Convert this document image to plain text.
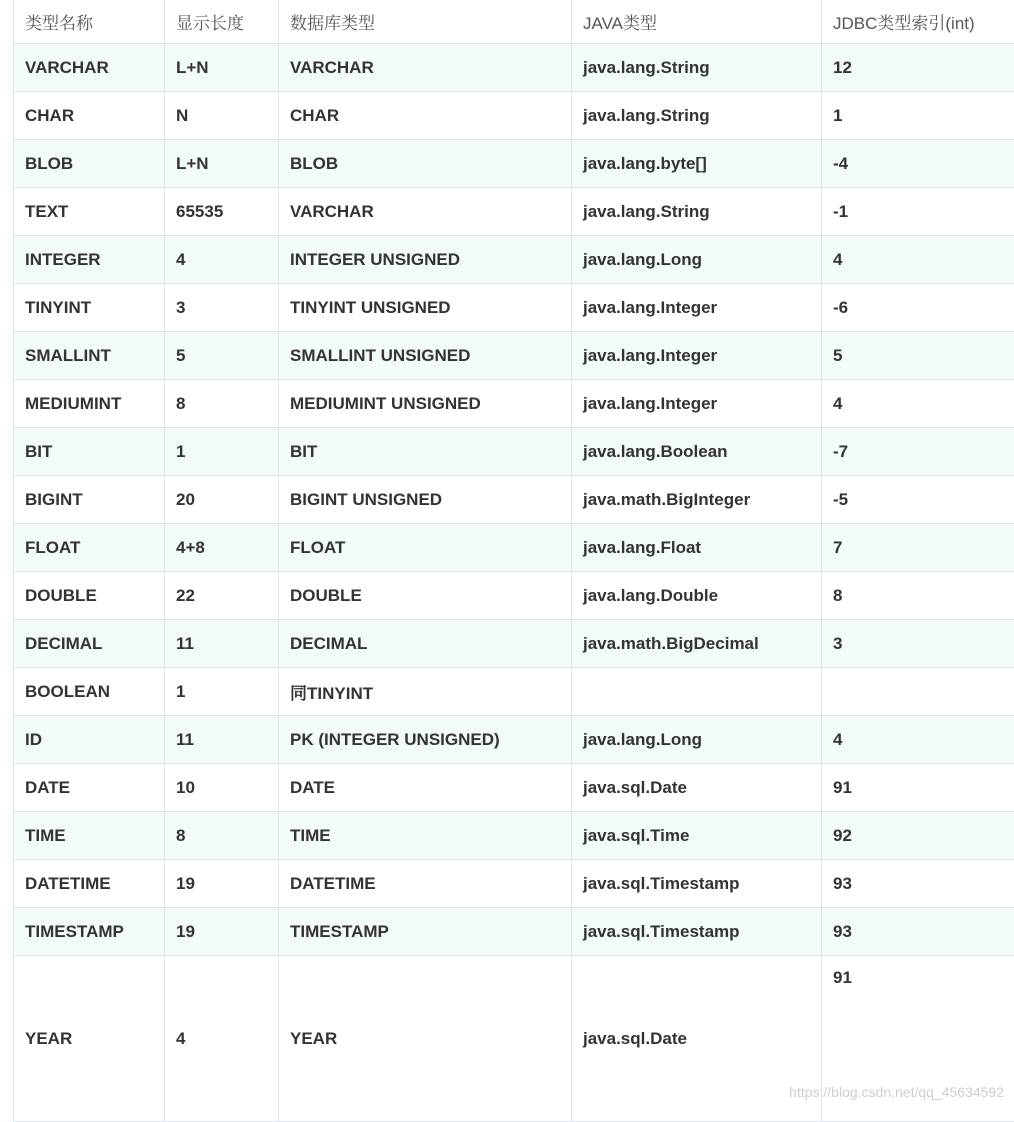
类型名称	显示长度	数据库类型	JAVA类型	JDBC类型索引(int)
VARCHAR	L+N	VARCHAR	java.lang.String	12
CHAR	N	CHAR	java.lang.String	1
BLOB	L+N	BLOB	java.lang.byte[]	-4
TEXT	65535	VARCHAR	java.lang.String	-1
INTEGER	4	INTEGER UNSIGNED	java.lang.Long	4
TINYINT	3	TINYINT UNSIGNED	java.lang.Integer	-6
SMALLINT	5	SMALLINT UNSIGNED	java.lang.Integer	5
MEDIUMINT	8	MEDIUMINT UNSIGNED	java.lang.Integer	4
BIT	1	BIT	java.lang.Boolean	-7
BIGINT	20	BIGINT UNSIGNED	java.math.BigInteger	-5
FLOAT	4+8	FLOAT	java.lang.Float	7
DOUBLE	22	DOUBLE	java.lang.Double	8
DECIMAL	11	DECIMAL	java.math.BigDecimal	3
BOOLEAN	1	同TINYINT		
ID	11	PK (INTEGER UNSIGNED)	java.lang.Long	4
DATE	10	DATE	java.sql.Date	91
TIME	8	TIME	java.sql.Time	92
DATETIME	19	DATETIME	java.sql.Timestamp	93
TIMESTAMP	19	TIMESTAMP	java.sql.Timestamp	93
YEAR	4	YEAR	java.sql.Date	91
https://blog.csdn.net/qq_45634592
